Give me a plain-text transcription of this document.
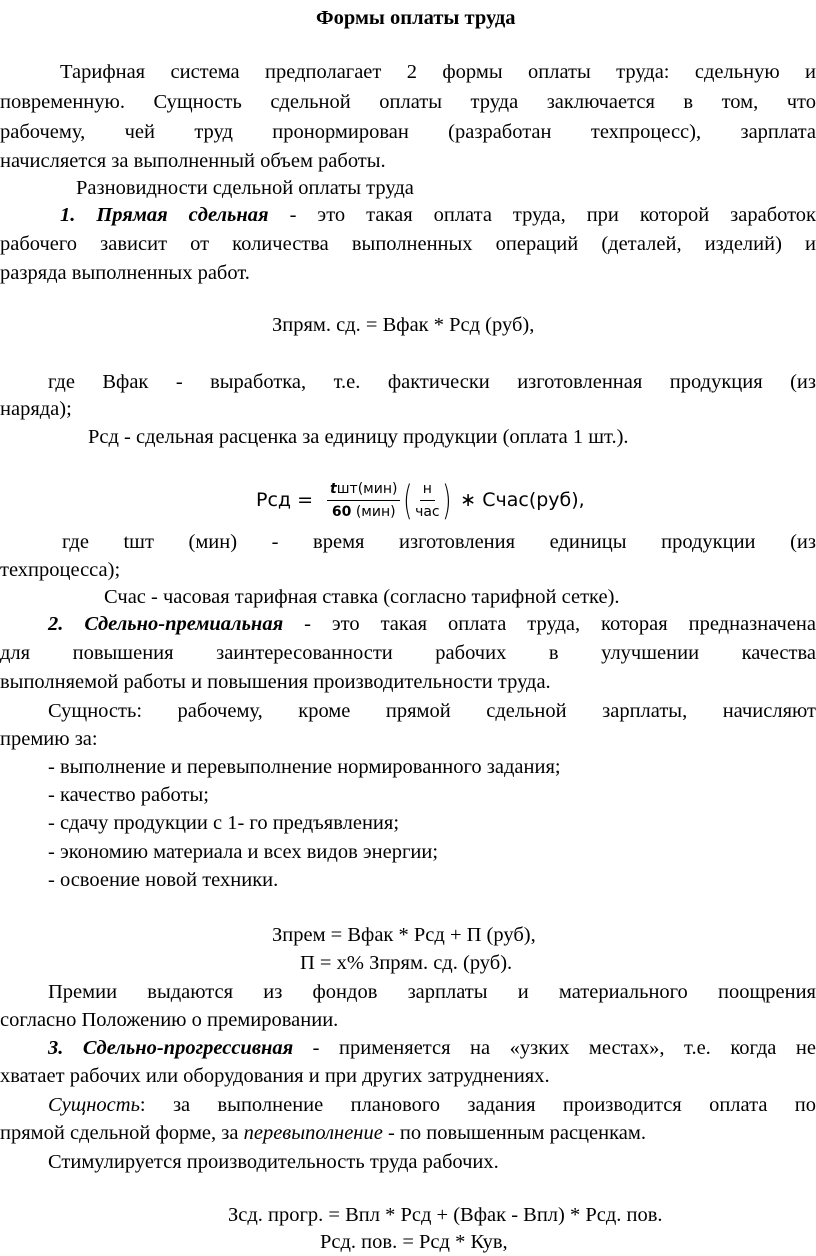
Формы оплаты труда
Тарифная система предполагает 2 формы оплаты труда: сдельную и
повременную. Сущность сдельной оплаты труда заключается в том, что
рабочему, чей труд пронормирован (разработан техпроцесс), зарплата
начисляется за выполненный объем работы.
Разновидности сдельной оплаты труда
1. Прямая сдельная - это такая оплата труда, при которой заработок
рабочего зависит от количества выполненных операций (деталей, изделий) и
разряда выполненных работ.
Зпрям. сд. = Вфак * Рсд (руб),
где Вфак - выработка, т.е. фактически изготовленная продукция (из
наряда);
Рсд - сдельная расценка за единицу продукции (оплата 1 шт.).
Рсд = $\frac{\text{tшт(мин)}}{\text{60 (мин)}}$ ( $\frac{н}{\text{час}}$ ) ∗ Счас(руб),
где tшт (мин) - время изготовления единицы продукции (из
техпроцесса);
Счас - часовая тарифная ставка (согласно тарифной сетке).
2. Сдельно-премиальная - это такая оплата труда, которая предназначена
для повышения заинтересованности рабочих в улучшении качества
выполняемой работы и повышения производительности труда.
Сущность: рабочему, кроме прямой сдельной зарплаты, начисляют
премию за:
- выполнение и перевыполнение нормированного задания;
- качество работы;
- сдачу продукции с 1- го предъявления;
- экономию материала и всех видов энергии;
- освоение новой техники.
Зпрем = Вфак * Рсд + П (руб),
П = х% Зпрям. сд. (руб).
Премии выдаются из фондов зарплаты и материального поощрения
согласно Положению о премировании.
3. Сдельно-прогрессивная - применяется на «узких местах», т.е. когда не
хватает рабочих или оборудования и при других затруднениях.
Сущность: за выполнение планового задания производится оплата по
прямой сдельной форме, за перевыполнение - по повышенным расценкам.
Стимулируется производительность труда рабочих.
Зсд. прогр. = Впл * Рсд + (Вфак - Впл) * Рсд. пов.
Рсд. пов. = Рсд * Кув,
